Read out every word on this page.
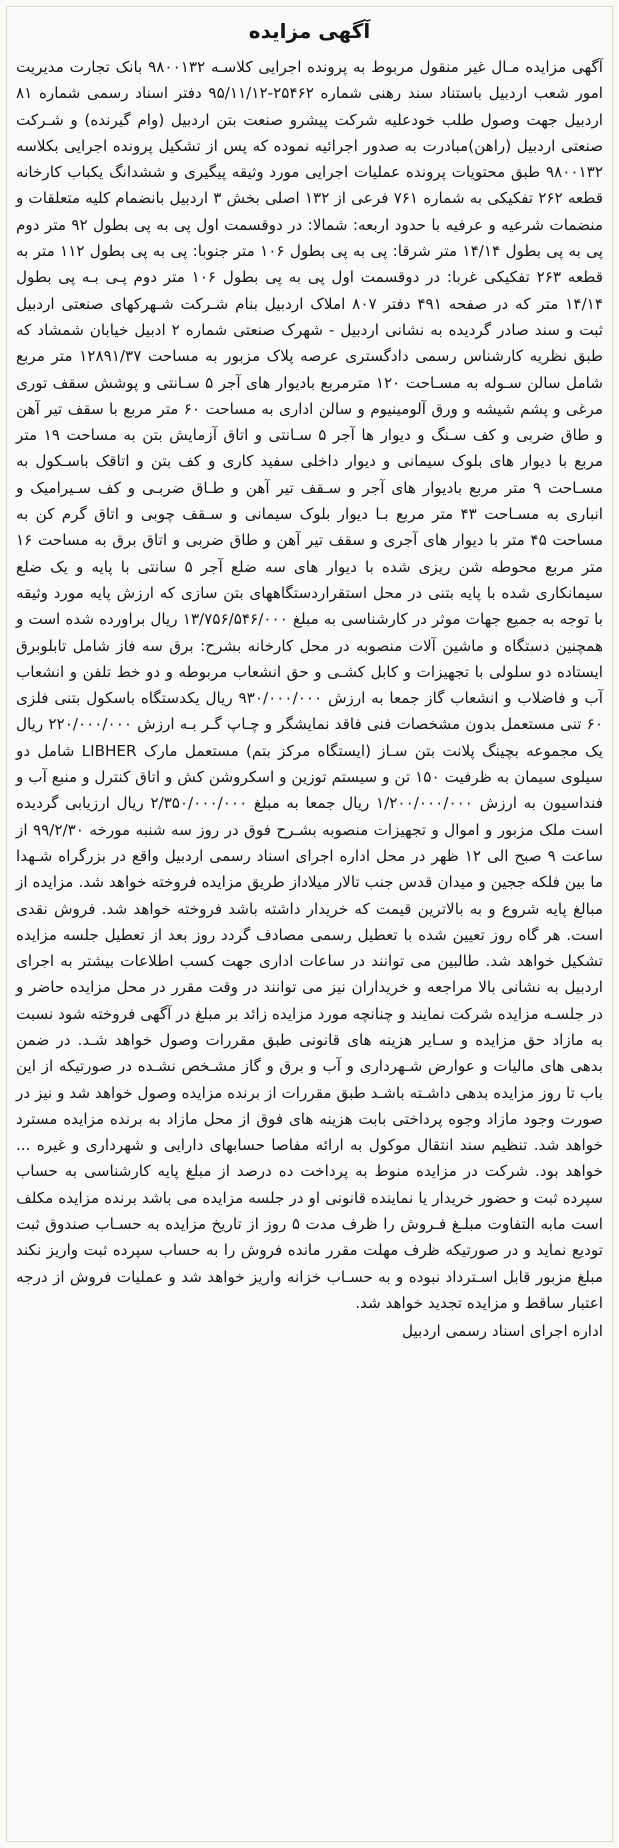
آگهی مزایده

آگهی مزایده مـال غیر منقول مربوط به پرونده اجرایی کلاسـه ۹۸۰۰۱۳۲ بانک تجارت مدیریت امور شعب اردبیل باستناد سند رهنی شماره ۲۵۴۶۲-۹۵/۱۱/۱۲ دفتر اسناد رسمی شماره ۸۱ اردبیل جهت وصول طلب خودعلیه شرکت پیشرو صنعت بتن اردبیل (وام گیرنده) و شـرکت صنعتی اردبیل (راهن)مبادرت به صدور اجرائیه نموده که پس از تشکیل پرونده اجرایی بکلاسه ۹۸۰۰۱۳۲ طبق محتویات پرونده عملیات اجرایی مورد وثیقه پیگیری و ششدانگ یکباب کارخانه قطعه ۲۶۲ تفکیکی به شماره ۷۶۱ فرعی از ۱۳۲ اصلی بخش ۳ اردبیل بانضمام کلیه متعلقات و منضمات شرعیه و عرفیه با حدود اربعه: شمالا: در دوقسمت اول پی به پی بطول ۹۲ متر دوم پی به پی بطول ۱۴/۱۴ متر شرقا: پی به پی بطول ۱۰۶ متر جنوبا: پی به پی بطول ۱۱۲ متر به قطعه ۲۶۳ تفکیکی غربا: در دوقسمت اول پی به پی بطول ۱۰۶ متر دوم پـی بـه پی بطول ۱۴/۱۴ متر که در صفحه ۴۹۱ دفتر ۸۰۷ املاک اردبیل بنام شـرکت شـهرکهای صنعتی اردبیل ثبت و سند صادر گردیده به نشانی اردبیل - شهرک صنعتی شماره ۲ ادبیل خیابان شمشاد که طبق نظریه کارشناس رسمی دادگستری عرصه پلاک مزبور به مساحت ۱۲۸۹۱/۳۷ متر مربع شامل سالن سـوله به مسـاحت ۱۲۰ مترمربع بادیوار های آجر ۵ سـانتی و پوشش سقف توری مرغی و پشم شیشه و ورق آلومینیوم و سالن اداری به مساحت ۶۰ متر مربع با سقف تیر آهن و طاق ضربی و کف سـنگ و دیوار ها آجر ۵ سـانتی و اتاق آزمایش بتن به مساحت ۱۹ متر مربع با دیوار های بلوک سیمانی و دیوار داخلی سفید کاری و کف بتن و اتاقک باسـکول به مسـاحت ۹ متر مربع بادیوار های آجر و سـقف تیر آهن و طـاق ضربـی و کف سـیرامیک و انباری به مسـاحت ۴۳ متر مربع بـا دیوار بلوک سیمانی و سـقف چوبی و اتاق گرم کن به مساحت ۴۵ متر با دیوار های آجری و سقف تیر آهن و طاق ضربی و اتاق برق به مساحت ۱۶ متر مربع محوطه شن ریزی شده با دیوار های سه ضلع آجر ۵ سانتی با پایه و یک ضلع سیمانکاری شده با پایه بتنی در محل استقراردستگاههای بتن سازی که ارزش پایه مورد وثیقه با توجه به جمیع جهات موثر در کارشناسی به مبلغ ۱۳/۷۵۶/۵۴۶/۰۰۰ ریال براورده شده است و همچنین دستگاه و ماشین آلات منصوبه در محل کارخانه بشرح: برق سه فاز شامل تابلوبرق ایستاده دو سلولی با تجهیزات و کابل کشـی و حق انشعاب مربوطه و دو خط تلفن و انشعاب آب و فاضلاب و انشعاب گاز جمعا به ارزش ۹۳۰/۰۰۰/۰۰۰ ریال یکدستگاه باسکول بتنی فلزی ۶۰ تنی مستعمل بدون مشخصات فنی فاقد نمایشگر و چـاپ گـر بـه ارزش ۲۲۰/۰۰۰/۰۰۰ ریال یک مجموعه بچینگ پلانت بتن سـاز (ایستگاه مرکز بتم) مستعمل مارک LIBHER شامل دو سیلوی سیمان به ظرفیت ۱۵۰ تن و سیستم توزین و اسکروشن کش و اتاق کنترل و منبع آب و فنداسیون به ارزش ۱/۲۰۰/۰۰۰/۰۰۰ ریال جمعا به مبلغ ۲/۳۵۰/۰۰۰/۰۰۰ ریال ارزیابی گردیده است ملک مزبور و اموال و تجهیزات منصوبه بشـرح فوق در روز سه شنبه مورخه ۹۹/۲/۳۰ از ساعت ۹ صبح الی ۱۲ ظهر در محل اداره اجرای اسناد رسمی اردبیل واقع در بزرگراه شـهدا ما بین فلکه ججین و میدان قدس جنب تالار میلاداز طریق مزایده فروخته خواهد شد. مزایده از مبالغ پایه شروع و به بالاترین قیمت که خریدار داشته باشد فروخته خواهد شد. فروش نقدی است. هر گاه روز تعیین شده با تعطیل رسمی مصادف گردد روز بعد از تعطیل جلسه مزایده تشکیل خواهد شد. طالبین می توانند در ساعات اداری جهت کسب اطلاعات بیشتر به اجرای اردبیل به نشانی بالا مراجعه و خریداران نیز می توانند در وقت مقرر در محل مزایده حاضر و در جلسـه مزایده شرکت نمایند و چنانچه مورد مزایده زائد بر مبلغ در آگهی فروخته شود نسبت به مازاد حق مزایده و سـایر هزینه های قانونی طبق مقررات وصول خواهد شـد. در ضمن بدهی های مالیات و عوارض شـهرداری و آب و برق و گاز مشـخص نشـده در صورتیکه از این باب تا روز مزایده بدهی داشـته باشـد طبق مقررات از برنده مزایده وصول خواهد شد و نیز در صورت وجود مازاد وجوه پرداختی بابت هزینه های فوق از محل مازاد به برنده مزایده مسترد خواهد شد. تنظیم سند انتقال موکول به ارائه مفاصا حسابهای دارایی و شهرداری و غیره ... خواهد بود. شرکت در مزایده منوط به پرداخت ده درصد از مبلغ پایه کارشناسی به حساب سپرده ثبت و حضور خریدار یا نماینده قانونی او در جلسه مزایده می باشد برنده مزایده مکلف است مابه التفاوت مبلـغ فـروش را ظرف مدت ۵ روز از تاریخ مزایده به حسـاب صندوق ثبت تودیع نماید و در صورتیکه ظرف مهلت مقرر مانده فروش را به حساب سپرده ثبت واریز نکند مبلغ مزبور قابل اسـترداد نبوده و به حسـاب خزانه واریز خواهد شد و عملیات فروش از درجه اعتبار ساقط و مزایده تجدید خواهد شد.

اداره اجرای اسناد رسمی اردبیل
